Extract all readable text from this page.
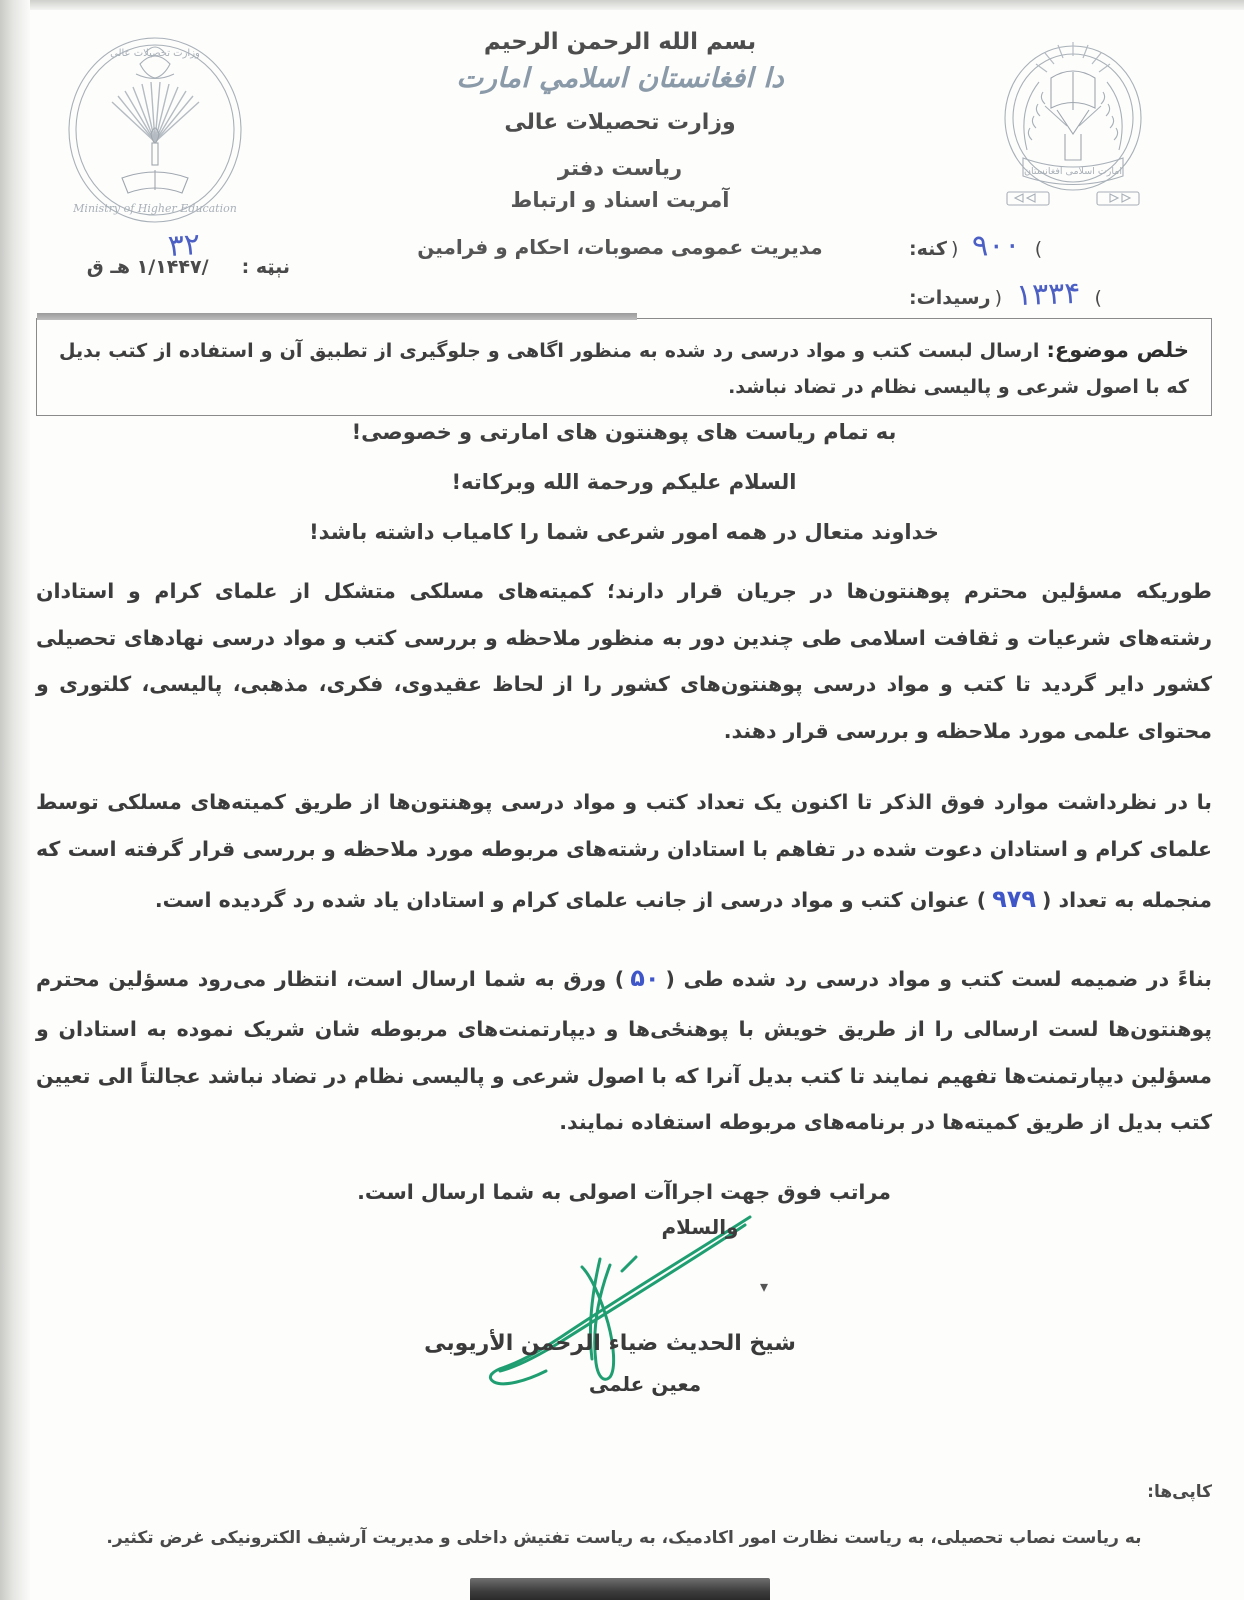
Ministry of Higher Education
وزارت تحصیلات عالی
امارت اسلامی افغانستان
بسم الله الرحمن الرحيم
دا افغانستان اسلامي امارت
وزارت تحصیلات عالی
ریاست دفتر
آمریت اسناد و ارتباط
مدیریت عمومی مصوبات، احکام و فرامین	کنه: ( ٩٠٠ )
رسیدات: ( ۱۳۳۴ )
۳۲
نېټه :     /۱/۱۴۴۷ هـ ق
خلص موضوع: ارسال لبست کتب و مواد درسی رد شده به منظور اگاهی و جلوگیری از تطبیق آن و استفاده از کتب بدیل که با اصول شرعی و پالیسی نظام در تضاد نباشد.
به تمام ریاست های پوهنتون های امارتی و خصوصی!
السلام علیکم ورحمة الله وبرکاته!
خداوند متعال در همه امور شرعی شما را کامیاب داشته باشد!

طوریکه مسؤلین محترم پوهنتون‌ها در جریان قرار دارند؛ کمیته‌های مسلکی متشکل از علمای کرام و استادان رشته‌های شرعیات و ثقافت اسلامی طی چندین دور به منظور ملاحظه و بررسی کتب و مواد درسی نهادهای تحصیلی کشور دایر گردید تا کتب و مواد درسی پوهنتون‌های کشور را از لحاظ عقیدوی، فکری، مذهبی، پالیسی، کلتوری و محتوای علمی مورد ملاحظه و بررسی قرار دهند.

با در نظرداشت موارد فوق الذکر تا اکنون یک تعداد کتب و مواد درسی پوهنتون‌ها از طریق کمیته‌های مسلکی توسط علمای کرام و استادان دعوت شده در تفاهم با استادان رشته‌های مربوطه مورد ملاحظه و بررسی قرار گرفته است که منجمله به تعداد (۹۷۹) عنوان کتب و مواد درسی از جانب علمای کرام و استادان یاد شده رد گردیده است.

بناءً در ضمیمه لست کتب و مواد درسی رد شده طی (۵۰) ورق به شما ارسال است، انتظار می‌رود مسؤلین محترم پوهنتون‌ها لست ارسالی را از طریق خویش با پوهنځی‌ها و دیپارتمنت‌های مربوطه شان شریک نموده به استادان و مسؤلین دیپارتمنت‌ها تفهیم نمایند تا کتب بدیل آنرا که با اصول شرعی و پالیسی نظام در تضاد نباشد عجالتاً الی تعیین کتب بدیل از طریق کمیته‌ها در برنامه‌های مربوطه استفاده نمایند.

مراتب فوق جهت اجراآت اصولی به شما ارسال است.
والسلام
▾
شیخ الحدیث ضیاء الرحمن الأریوبی
معین علمی
کاپی‌ها:
به ریاست نصاب تحصیلی، به ریاست نظارت امور اکادمیک، به ریاست تفتیش داخلی و مدیریت آرشیف الکترونیکی غرض تکثیر.
